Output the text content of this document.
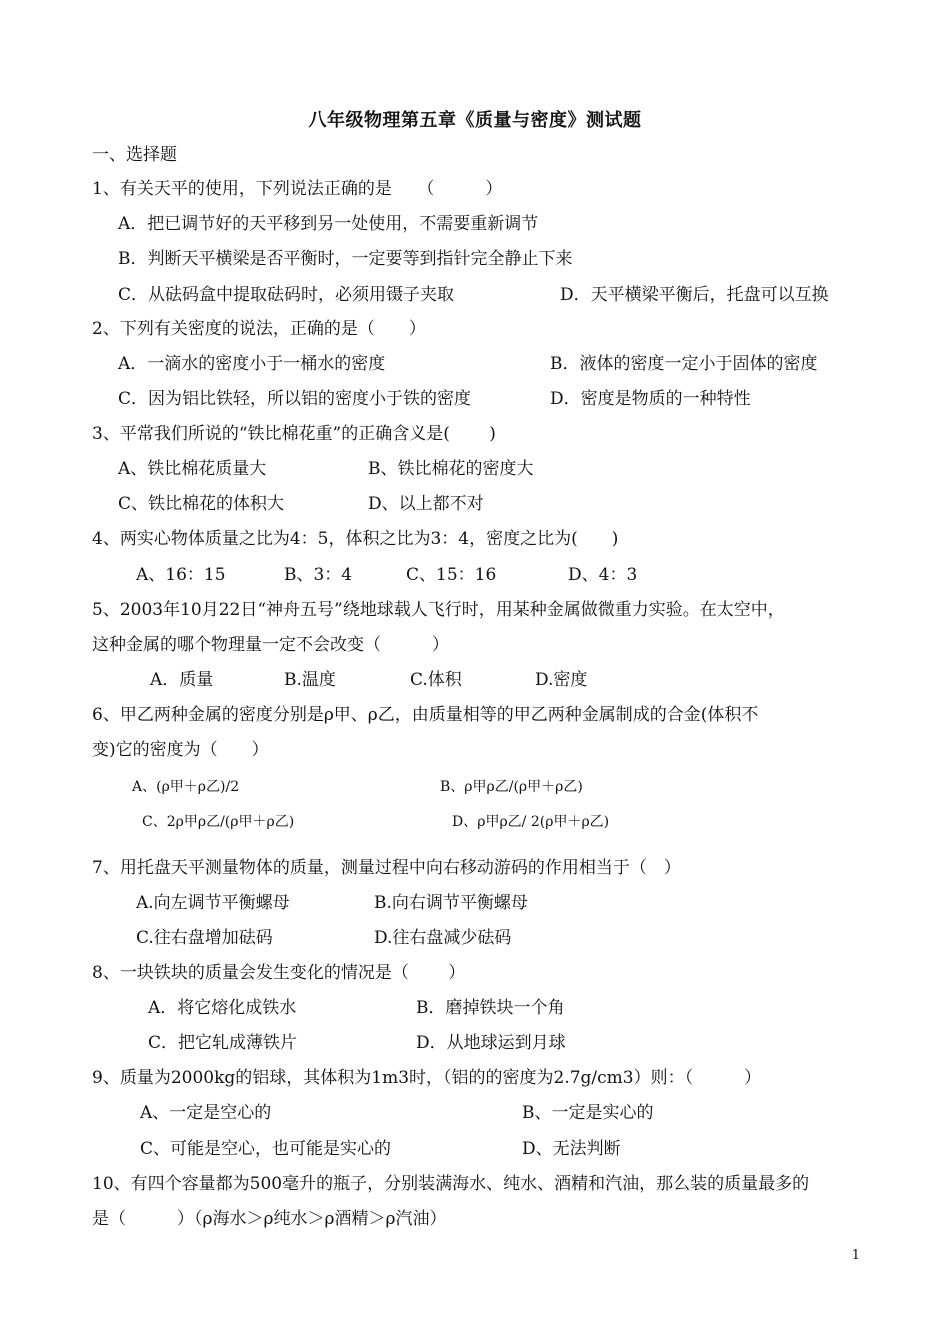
八年级物理第五章《质量与密度》测试题
一、选择题
1、有关天平的使用，下列说法正确的是　　（　　　）
A．把已调节好的天平移到另一处使用，不需要重新调节
B．判断天平横梁是否平衡时，一定要等到指针完全静止下来
C．从砝码盒中提取砝码时，必须用镊子夹取	D．天平横梁平衡后，托盘可以互换
2、下列有关密度的说法，正确的是（　　）
A．一滴水的密度小于一桶水的密度	B．液体的密度一定小于固体的密度
C．因为铝比铁轻，所以铝的密度小于铁的密度	D．密度是物质的一种特性
3、平常我们所说的“铁比棉花重”的正确含义是(　　 )
A、铁比棉花质量大	B、铁比棉花的密度大
C、铁比棉花的体积大	D、以上都不对
4、两实心物体质量之比为4：5，体积之比为3：4，密度之比为(　　)
A、16：15	B、3：4	C、15：16	D、4：3
5、2003年10月22日“神舟五号”绕地球载人飞行时，用某种金属做微重力实验。在太空中，
这种金属的哪个物理量一定不会改变（　　　）
A．质量	B.温度	C.体积	D.密度
6、甲乙两种金属的密度分别是ρ甲、ρ乙，由质量相等的甲乙两种金属制成的合金(体积不
变)它的密度为（　　）
A、(ρ甲＋ρ乙)/2	B、ρ甲ρ乙/(ρ甲＋ρ乙)
C、2ρ甲ρ乙/(ρ甲＋ρ乙)	D、ρ甲ρ乙/ 2(ρ甲＋ρ乙)
7、用托盘天平测量物体的质量，测量过程中向右移动游码的作用相当于（　）
A.向左调节平衡螺母	B.向右调节平衡螺母
C.往右盘增加砝码	D.往右盘减少砝码
8、一块铁块的质量会发生变化的情况是（　　 ）
A．将它熔化成铁水	B．磨掉铁块一个角
C．把它轧成薄铁片	D．从地球运到月球
9、质量为2000kg的铝球，其体积为1m3时，（铝的的密度为2.7g/cm3）则：（　　　）
A、一定是空心的	B、一定是实心的
C、可能是空心，也可能是实心的	D、无法判断
10、有四个容量都为500毫升的瓶子，分别装满海水、纯水、酒精和汽油，那么装的质量最多的
是（　　　）（ρ海水＞ρ纯水＞ρ酒精＞ρ汽油）
1
